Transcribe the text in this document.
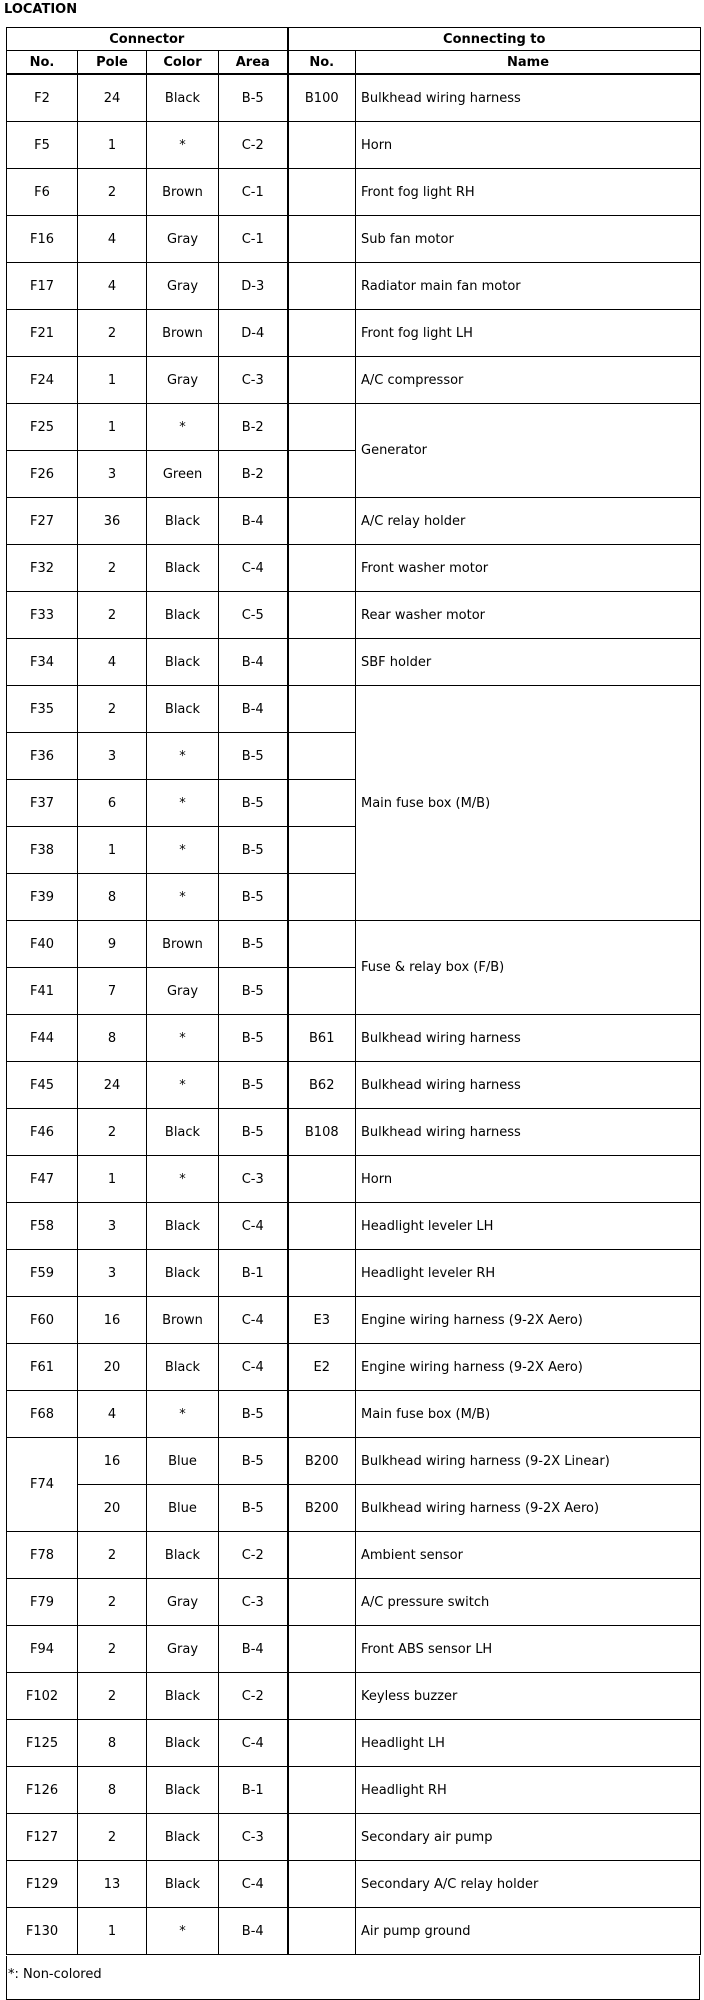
LOCATION
Connector				Connecting to	
No.	Pole	Color	Area	No.	Name
F2	24	Black	B-5	B100	Bulkhead wiring harness
F5	1	*	C-2		Horn
F6	2	Brown	C-1		Front fog light RH
F16	4	Gray	C-1		Sub fan motor
F17	4	Gray	D-3		Radiator main fan motor
F21	2	Brown	D-4		Front fog light LH
F24	1	Gray	C-3		A/C compressor
F25	1	*	B-2		Generator
F26	3	Green	B-2		
F27	36	Black	B-4		A/C relay holder
F32	2	Black	C-4		Front washer motor
F33	2	Black	C-5		Rear washer motor
F34	4	Black	B-4		SBF holder
F35	2	Black	B-4		Main fuse box (M/B)
F36	3	*	B-5		
F37	6	*	B-5		
F38	1	*	B-5		
F39	8	*	B-5		
F40	9	Brown	B-5		Fuse & relay box (F/B)
F41	7	Gray	B-5		
F44	8	*	B-5	B61	Bulkhead wiring harness
F45	24	*	B-5	B62	Bulkhead wiring harness
F46	2	Black	B-5	B108	Bulkhead wiring harness
F47	1	*	C-3		Horn
F58	3	Black	C-4		Headlight leveler LH
F59	3	Black	B-1		Headlight leveler RH
F60	16	Brown	C-4	E3	Engine wiring harness (9-2X Aero)
F61	20	Black	C-4	E2	Engine wiring harness (9-2X Aero)
F68	4	*	B-5		Main fuse box (M/B)
F74	16	Blue	B-5	B200	Bulkhead wiring harness (9-2X Linear)
	20	Blue	B-5	B200	Bulkhead wiring harness (9-2X Aero)
F78	2	Black	C-2		Ambient sensor
F79	2	Gray	C-3		A/C pressure switch
F94	2	Gray	B-4		Front ABS sensor LH
F102	2	Black	C-2		Keyless buzzer
F125	8	Black	C-4		Headlight LH
F126	8	Black	B-1		Headlight RH
F127	2	Black	C-3		Secondary air pump
F129	13	Black	C-4		Secondary A/C relay holder
F130	1	*	B-4		Air pump ground
*: Non-colored
